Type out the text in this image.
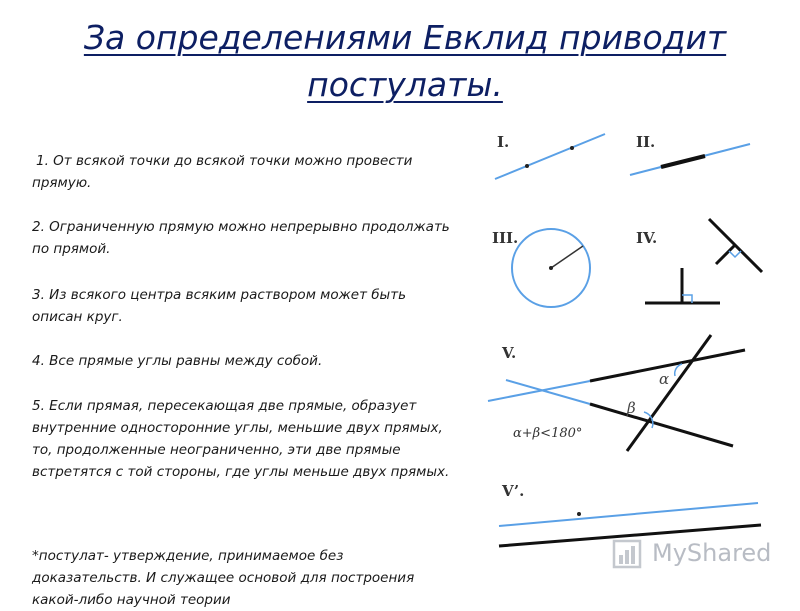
За определениями Евклид приводит постулаты.
1. От всякой точки до всякой точки можно провести прямую.
2. Ограниченную прямую можно непрерывно продолжать по прямой.
3. Из всякого центра всяким раствором может быть описан круг.
4. Все прямые углы равны между собой.
5. Если прямая, пересекающая две прямые, образует внутренние односторонние углы, меньшие двух прямых, то, продолженные неограниченно, эти две прямые встретятся с той стороны, где углы меньше двух прямых.
*постулат- утверждение, принимаемое без доказательств. И служащее основой для построения какой-либо научной теории
I.	II.
III.	IV.
V.
α
β
α+β<180°
V’.
MyShared
